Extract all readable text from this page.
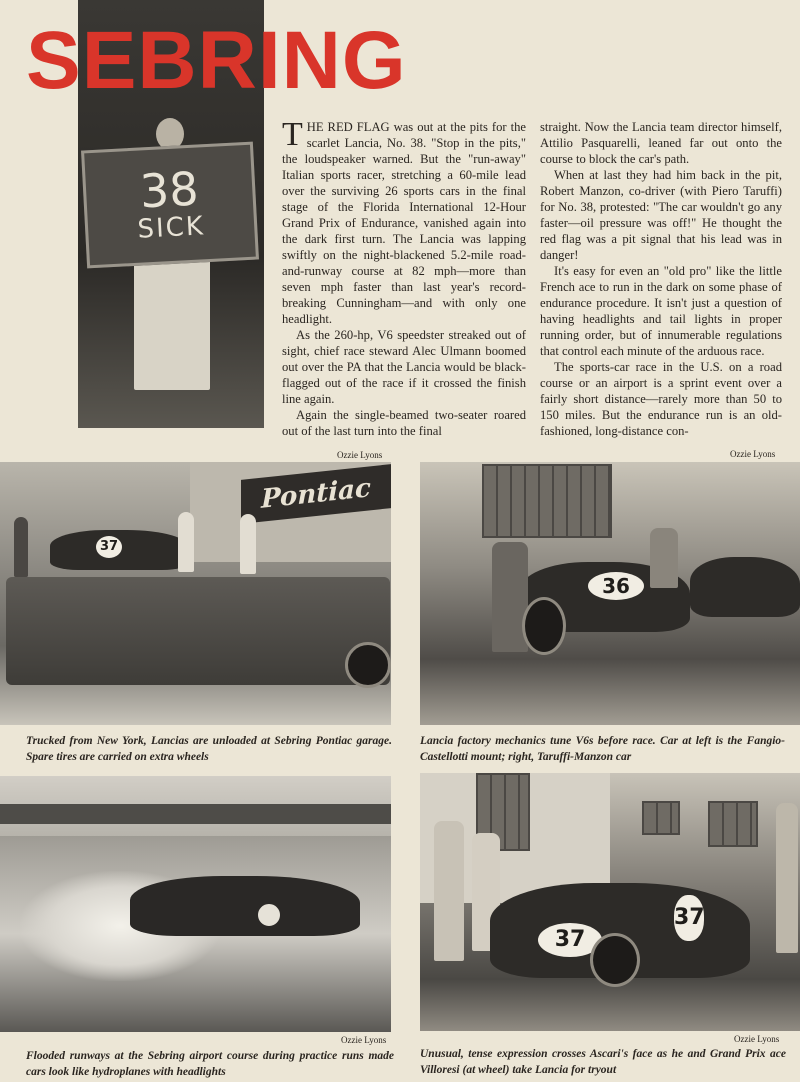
38
SICK
SEBRING

THE RED FLAG was out at the pits for the scarlet Lancia, No. 38. "Stop in the pits," the loudspeaker warned. But the "run-away" Italian sports racer, stretching a 60-mile lead over the surviving 26 sports cars in the final stage of the Florida International 12-Hour Grand Prix of Endurance, vanished again into the dark first turn. The Lancia was lapping swiftly on the night-blackened 5.2-mile road-and-runway course at 82 mph—more than seven mph faster than last year's record-breaking Cunningham—and with only one headlight.

As the 260-hp, V6 speedster streaked out of sight, chief race steward Alec Ulmann boomed out over the PA that the Lancia would be black-flagged out of the race if it crossed the finish line again.

Again the single-beamed two-seater roared out of the last turn into the final

straight. Now the Lancia team director himself, Attilio Pasquarelli, leaned far out onto the course to block the car's path.

When at last they had him back in the pit, Robert Manzon, co-driver (with Piero Taruffi) for No. 38, protested: "The car wouldn't go any faster—oil pressure was off!" He thought the red flag was a pit signal that his lead was in danger!

It's easy for even an "old pro" like the little French ace to run in the dark on some phase of endurance procedure. It isn't just a question of having headlights and tail lights in proper running order, but of innumerable regulations that control each minute of the arduous race.

The sports-car race in the U.S. on a road course or an airport is a sprint event over a fairly short distance—rarely more than 50 to 150 miles. But the endurance run is an old-fashioned, long-distance con-

Ozzie Lyons
Pontiac
37
Trucked from New York, Lancias are unloaded at Sebring Pontiac garage. Spare tires are carried on extra wheels
Ozzie Lyons
36
Lancia factory mechanics tune V6s before race. Car at left is the Fangio-Castellotti mount; right, Taruffi-Manzon car
Ozzie Lyons
Flooded runways at the Sebring airport course during practice runs made cars look like hydroplanes with headlights
37
37
Ozzie Lyons
Unusual, tense expression crosses Ascari's face as he and Grand Prix ace Villoresi (at wheel) take Lancia for tryout
